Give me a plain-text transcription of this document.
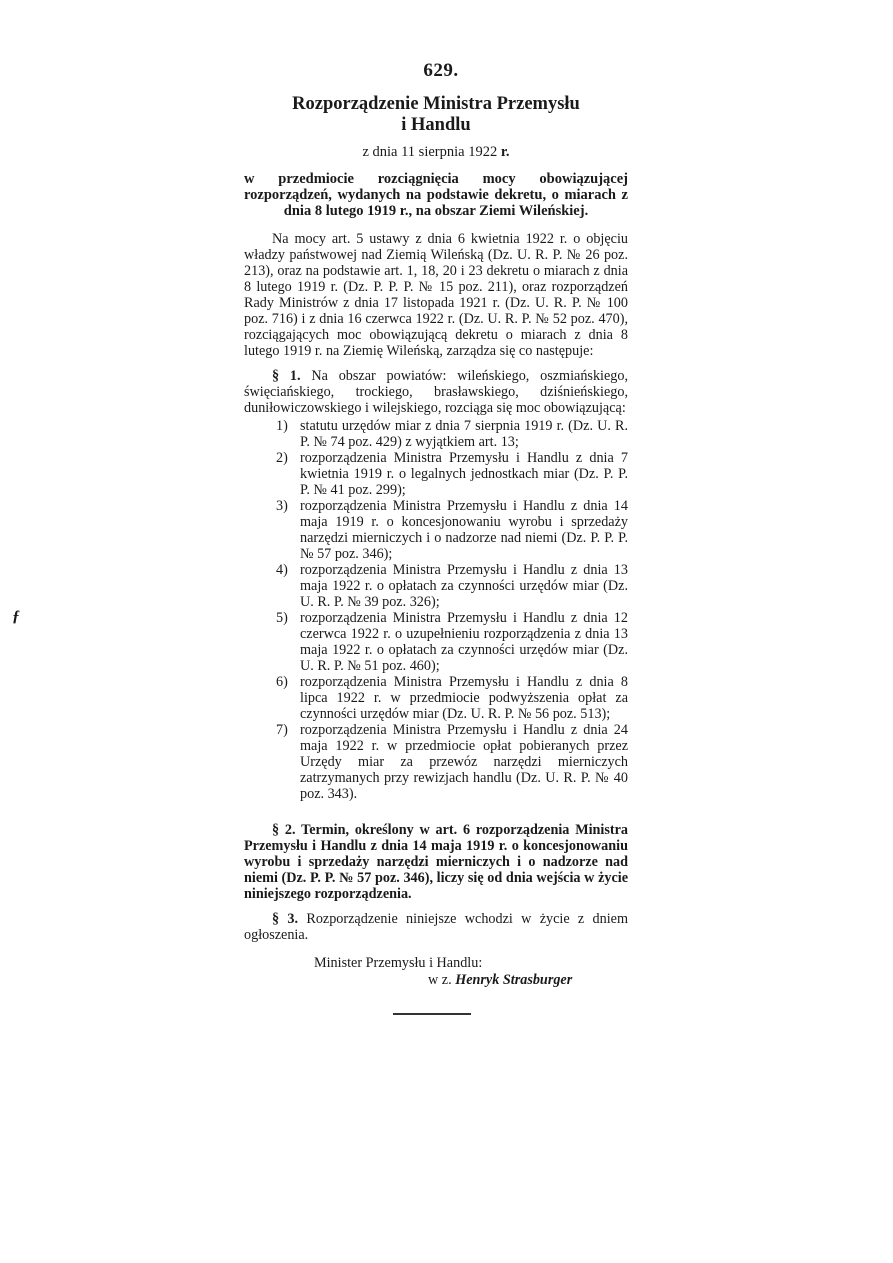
629.
Rozporządzenie Ministra Przemysłu
i Handlu
z dnia 11 sierpnia 1922 r.
w przedmiocie rozciągnięcia mocy obowiązującej rozporządzeń, wydanych na podstawie dekretu, o miarach z dnia 8 lutego 1919 r., na obszar Ziemi Wileńskiej.
Na mocy art. 5 ustawy z dnia 6 kwietnia 1922 r. o objęciu władzy państwowej nad Ziemią Wileńską (Dz. U. R. P. № 26 poz. 213), oraz na podstawie art. 1, 18, 20 i 23 dekretu o miarach z dnia 8 lutego 1919 r. (Dz. P. P. P. № 15 poz. 211), oraz rozporządzeń Rady Ministrów z dnia 17 listopada 1921 r. (Dz. U. R. P. № 100 poz. 716) i z dnia 16 czerwca 1922 r. (Dz. U. R. P. № 52 poz. 470), rozciągających moc obowiązującą dekretu o miarach z dnia 8 lutego 1919 r. na Ziemię Wileńską, zarządza się co następuje:
§ 1. Na obszar powiatów: wileńskiego, oszmiańskiego, święciańskiego, trockiego, brasławskiego, dziśnieńskiego, duniłowiczowskiego i wilejskiego, rozciąga się moc obowiązującą:
1) statutu urzędów miar z dnia 7 sierpnia 1919 r. (Dz. U. R. P. № 74 poz. 429) z wyjątkiem art. 13;
2) rozporządzenia Ministra Przemysłu i Handlu z dnia 7 kwietnia 1919 r. o legalnych jednostkach miar (Dz. P. P. P. № 41 poz. 299);
3) rozporządzenia Ministra Przemysłu i Handlu z dnia 14 maja 1919 r. o koncesjonowaniu wyrobu i sprzedaży narzędzi mierniczych i o nadzorze nad niemi (Dz. P. P. P. № 57 poz. 346);
4) rozporządzenia Ministra Przemysłu i Handlu z dnia 13 maja 1922 r. o opłatach za czynności urzędów miar (Dz. U. R. P. № 39 poz. 326);
5) rozporządzenia Ministra Przemysłu i Handlu z dnia 12 czerwca 1922 r. o uzupełnieniu rozporządzenia z dnia 13 maja 1922 r. o opłatach za czynności urzędów miar (Dz. U. R. P. № 51 poz. 460);
6) rozporządzenia Ministra Przemysłu i Handlu z dnia 8 lipca 1922 r. w przedmiocie podwyższenia opłat za czynności urzędów miar (Dz. U. R. P. № 56 poz. 513);
7) rozporządzenia Ministra Przemysłu i Handlu z dnia 24 maja 1922 r. w przedmiocie opłat pobieranych przez Urzędy miar za przewóz narzędzi mierniczych zatrzymanych przy rewizjach handlu (Dz. U. R. P. № 40 poz. 343).
§ 2. Termin, określony w art. 6 rozporządzenia Ministra Przemysłu i Handlu z dnia 14 maja 1919 r. o koncesjonowaniu wyrobu i sprzedaży narzędzi mierniczych i o nadzorze nad niemi (Dz. P. P. № 57 poz. 346), liczy się od dnia wejścia w życie niniejszego rozporządzenia.
§ 3. Rozporządzenie niniejsze wchodzi w życie z dniem ogłoszenia.
Minister Przemysłu i Handlu:
w z. Henryk Strasburger
ƒ
